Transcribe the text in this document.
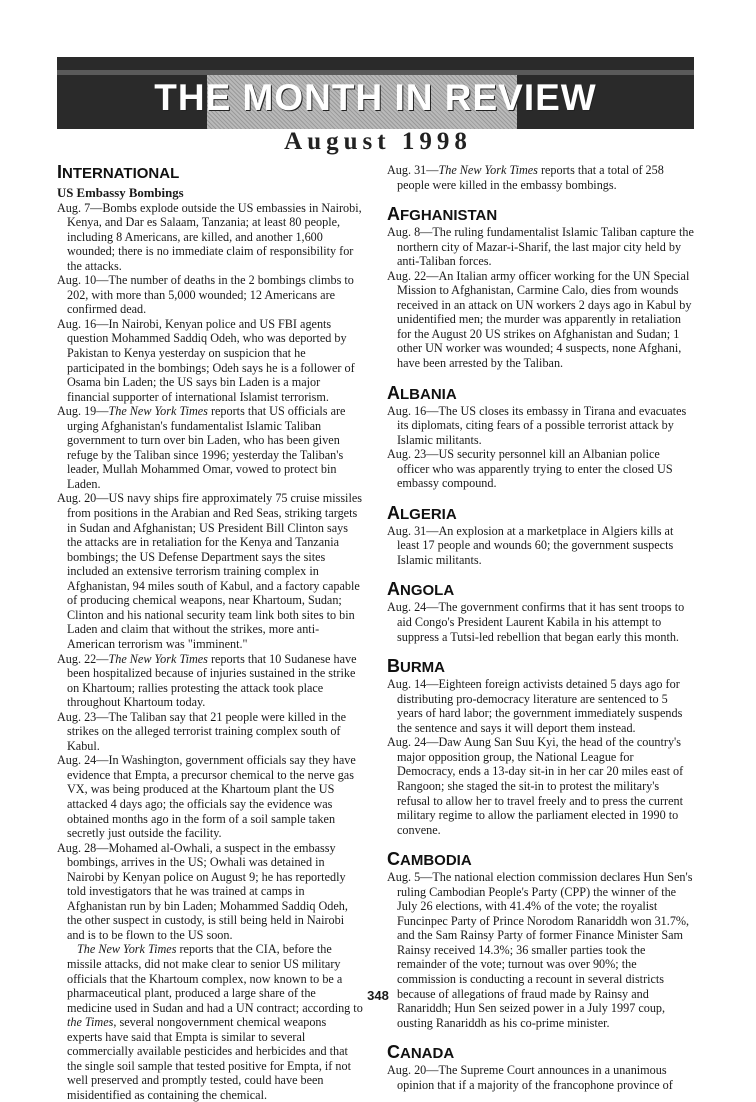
THE MONTH IN REVIEW
August 1998
INTERNATIONAL
US Embassy Bombings

Aug. 7—Bombs explode outside the US embassies in Nairobi, Kenya, and Dar es Salaam, Tanzania; at least 80 people, including 8 Americans, are killed, and another 1,600 wounded; there is no immediate claim of responsibility for the attacks.

Aug. 10—The number of deaths in the 2 bombings climbs to 202, with more than 5,000 wounded; 12 Americans are confirmed dead.

Aug. 16—In Nairobi, Kenyan police and US FBI agents question Mohammed Saddiq Odeh, who was deported by Pakistan to Kenya yesterday on suspicion that he participated in the bombings; Odeh says he is a follower of Osama bin Laden; the US says bin Laden is a major financial supporter of international Islamist terrorism.

Aug. 19—The New York Times reports that US officials are urging Afghanistan's fundamentalist Islamic Taliban government to turn over bin Laden, who has been given refuge by the Taliban since 1996; yesterday the Taliban's leader, Mullah Mohammed Omar, vowed to protect bin Laden.

Aug. 20—US navy ships fire approximately 75 cruise missiles from positions in the Arabian and Red Seas, striking targets in Sudan and Afghanistan; US President Bill Clinton says the attacks are in retaliation for the Kenya and Tanzania bombings; the US Defense Department says the sites included an extensive terrorism training complex in Afghanistan, 94 miles south of Kabul, and a factory capable of producing chemical weapons, near Khartoum, Sudan; Clinton and his national security team link both sites to bin Laden and claim that without the strikes, more anti-American terrorism was "imminent."

Aug. 22—The New York Times reports that 10 Sudanese have been hospitalized because of injuries sustained in the strike on Khartoum; rallies protesting the attack took place throughout Khartoum today.

Aug. 23—The Taliban say that 21 people were killed in the strikes on the alleged terrorist training complex south of Kabul.

Aug. 24—In Washington, government officials say they have evidence that Empta, a precursor chemical to the nerve gas VX, was being produced at the Khartoum plant the US attacked 4 days ago; the officials say the evidence was obtained months ago in the form of a soil sample taken secretly just outside the facility.

Aug. 28—Mohamed al-Owhali, a suspect in the embassy bombings, arrives in the US; Owhali was detained in Nairobi by Kenyan police on August 9; he has reportedly told investigators that he was trained at camps in Afghanistan run by bin Laden; Mohammed Saddiq Odeh, the other suspect in custody, is still being held in Nairobi and is to be flown to the US soon.

The New York Times reports that the CIA, before the missile attacks, did not make clear to senior US military officials that the Khartoum complex, now known to be a pharmaceutical plant, produced a large share of the medicine used in Sudan and had a UN contract; according to the Times, several nongovernment chemical weapons experts have said that Empta is similar to several commercially available pesticides and herbicides and that the single soil sample that tested positive for Empta, if not well preserved and promptly tested, could have been misidentified as containing the chemical.

Aug. 31—The New York Times reports that a total of 258 people were killed in the embassy bombings.

AFGHANISTAN

Aug. 8—The ruling fundamentalist Islamic Taliban capture the northern city of Mazar-i-Sharif, the last major city held by anti-Taliban forces.

Aug. 22—An Italian army officer working for the UN Special Mission to Afghanistan, Carmine Calo, dies from wounds received in an attack on UN workers 2 days ago in Kabul by unidentified men; the murder was apparently in retaliation for the August 20 US strikes on Afghanistan and Sudan; 1 other UN worker was wounded; 4 suspects, none Afghani, have been arrested by the Taliban.

ALBANIA

Aug. 16—The US closes its embassy in Tirana and evacuates its diplomats, citing fears of a possible terrorist attack by Islamic militants.

Aug. 23—US security personnel kill an Albanian police officer who was apparently trying to enter the closed US embassy compound.

ALGERIA

Aug. 31—An explosion at a marketplace in Algiers kills at least 17 people and wounds 60; the government suspects Islamic militants.

ANGOLA

Aug. 24—The government confirms that it has sent troops to aid Congo's President Laurent Kabila in his attempt to suppress a Tutsi-led rebellion that began early this month.

BURMA

Aug. 14—Eighteen foreign activists detained 5 days ago for distributing pro-democracy literature are sentenced to 5 years of hard labor; the government immediately suspends the sentence and says it will deport them instead.

Aug. 24—Daw Aung San Suu Kyi, the head of the country's major opposition group, the National League for Democracy, ends a 13-day sit-in in her car 20 miles east of Rangoon; she staged the sit-in to protest the military's refusal to allow her to travel freely and to press the current military regime to allow the parliament elected in 1990 to convene.

CAMBODIA

Aug. 5—The national election commission declares Hun Sen's ruling Cambodian People's Party (CPP) the winner of the July 26 elections, with 41.4% of the vote; the royalist Funcinpec Party of Prince Norodom Ranariddh won 31.7%, and the Sam Rainsy Party of former Finance Minister Sam Rainsy received 14.3%; 36 smaller parties took the remainder of the vote; turnout was over 90%; the commission is conducting a recount in several districts because of allegations of fraud made by Rainsy and Ranariddh; Hun Sen seized power in a July 1997 coup, ousting Ranariddh as his co-prime minister.

CANADA

Aug. 20—The Supreme Court announces in a unanimous opinion that if a majority of the francophone province of

348
